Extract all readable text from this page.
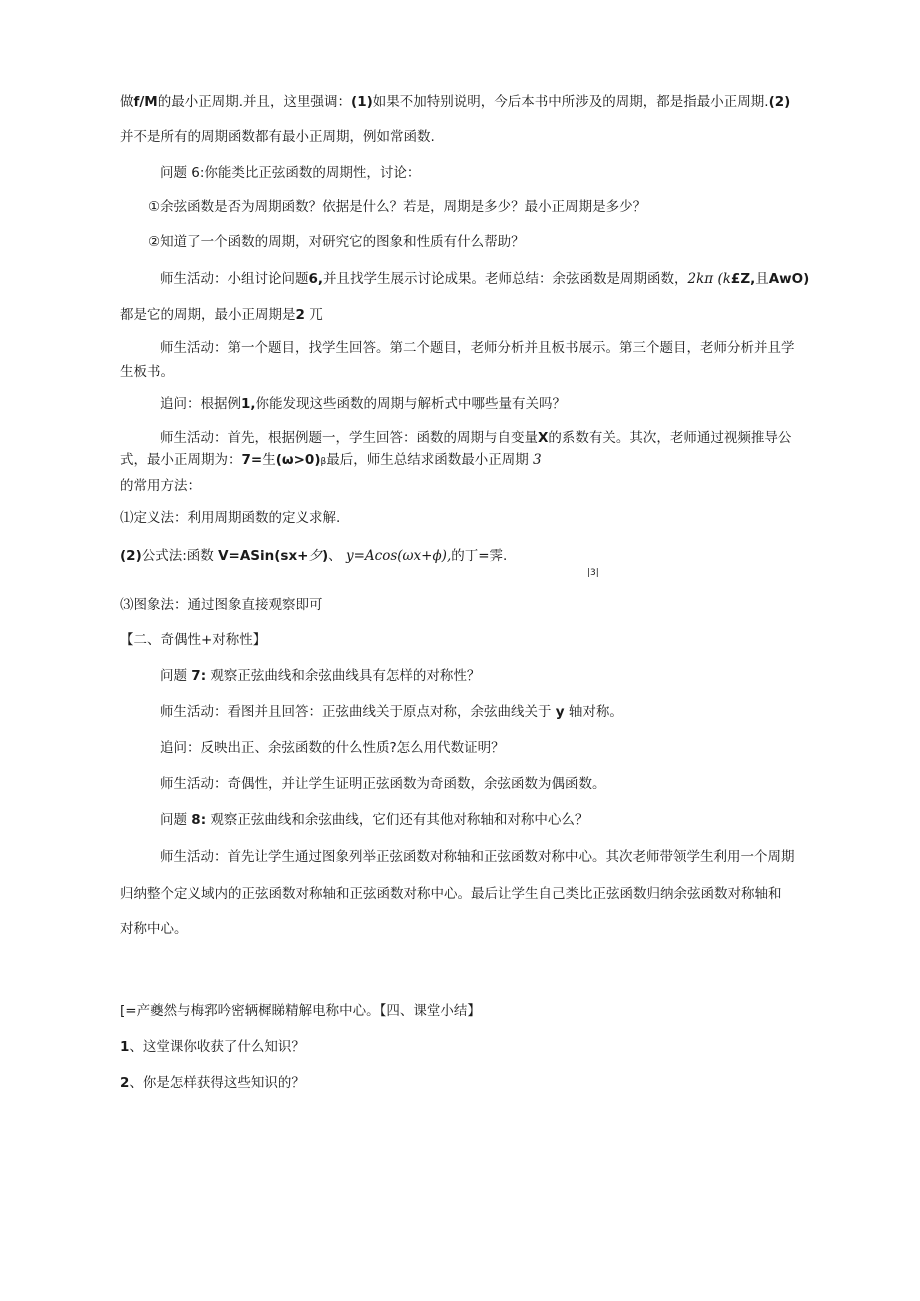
做f/M的最小正周期.并且，这里强调：(1)如果不加特别说明，今后本书中所涉及的周期，都是指最小正周期.(2)
并不是所有的周期函数都有最小正周期，例如常函数.
问题 6:你能类比正弦函数的周期性，讨论：
①余弦函数是否为周期函数？依据是什么？若是，周期是多少？最小正周期是多少？
②知道了一个函数的周期，对研究它的图象和性质有什么帮助？
师生活动：小组讨论问题6,并且找学生展示讨论成果。老师总结：余弦函数是周期函数，2kπ (k£Z,且AwO)
都是它的周期，最小正周期是2 兀
师生活动：第一个题目，找学生回答。第二个题目，老师分析并且板书展示。第三个题目，老师分析并且学
生板书。
追问：根据例1,你能发现这些函数的周期与解析式中哪些量有关吗？
师生活动：首先，根据例题一，学生回答：函数的周期与自变量X的系数有关。其次，老师通过视频推导公
式，最小正周期为：7=生(ω>0)β最后，师生总结求函数最小正周期 3
的常用方法：
⑴定义法：利用周期函数的定义求解.
(2)公式法:函数 V=ASin(sx+夕)、 y=Acos(ωx+ϕ),的丁=霁.
|3|
⑶图象法：通过图象直接观察即可
【二、奇偶性+对称性】
问题 7: 观察正弦曲线和余弦曲线具有怎样的对称性？
师生活动：看图并且回答：正弦曲线关于原点对称，余弦曲线关于 y 轴对称。
追问：反映出正、余弦函数的什么性质?怎么用代数证明？
师生活动：奇偶性，并让学生证明正弦函数为奇函数，余弦函数为偶函数。
问题 8: 观察正弦曲线和余弦曲线，它们还有其他对称轴和对称中心么？
师生活动：首先让学生通过图象列举正弦函数对称轴和正弦函数对称中心。其次老师带领学生利用一个周期
归纳整个定义域内的正弦函数对称轴和正弦函数对称中心。最后让学生自己类比正弦函数归纳余弦函数对称轴和
对称中心。
[=产夔然与梅郛吟密辆樨睇精解电称中心。【四、课堂小结】
1、这堂课你收获了什么知识？
2、你是怎样获得这些知识的？
